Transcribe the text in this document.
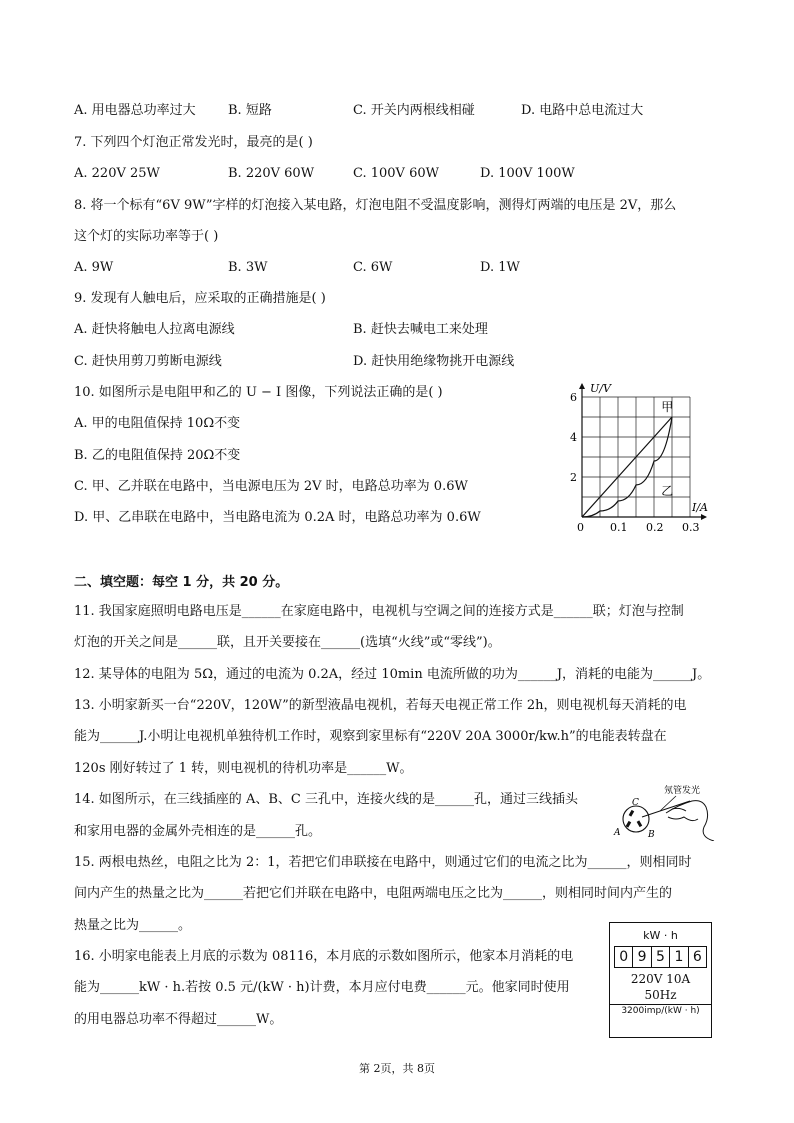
A. 用电器总功率过大 B. 短路	C. 开关内两根线相碰	D. 电路中总电流过大
7. 下列四个灯泡正常发光时，最亮的是( )
A. 220V 25W	B. 220V 60W	C. 100V 60W	D. 100V 100W
8. 将一个标有“6V 9W”字样的灯泡接入某电路，灯泡电阻不受温度影响，测得灯两端的电压是 2V，那么
这个灯的实际功率等于( )
A. 9W	B. 3W	C. 6W	D. 1W
9. 发现有人触电后，应采取的正确措施是( )
A. 赶快将触电人拉离电源线	B. 赶快去喊电工来处理
C. 赶快用剪刀剪断电源线	D. 赶快用绝缘物挑开电源线
10. 如图所示是电阻甲和乙的 U − I 图像，下列说法正确的是( )
A. 甲的电阻值保持 10Ω不变
B. 乙的电阻值保持 20Ω不变
C. 甲、乙并联在电路中，当电源电压为 2V 时，电路总功率为 0.6W
D. 甲、乙串联在电路中，当电路电流为 0.2A 时，电路总功率为 0.6W
甲
乙
0 0.1 0.2 0.3
2
4
6
U/V
I/A
二、填空题：每空 1 分，共 20 分。
11. 我国家庭照明电路电压是______在家庭电路中，电视机与空调之间的连接方式是______联；灯泡与控制
灯泡的开关之间是______联，且开关要接在______(选填“火线”或“零线”)。
12. 某导体的电阻为 5Ω，通过的电流为 0.2A，经过 10min 电流所做的功为______J，消耗的电能为______J。
13. 小明家新买一台“220V，120W”的新型液晶电视机，若每天电视正常工作 2h，则电视机每天消耗的电
能为______J.小明让电视机单独待机工作时，观察到家里标有“220V 20A 3000r/kw.h”的电能表转盘在
120s 刚好转过了 1 转，则电视机的待机功率是______W。
14. 如图所示，在三线插座的 A、B、C 三孔中，连接火线的是______孔，通过三线插头
和家用电器的金属外壳相连的是______孔。
氖管发光
C
A	B
15. 两根电热丝，电阻之比为 2：1，若把它们串联接在电路中，则通过它们的电流之比为______，则相同时
间内产生的热量之比为______若把它们并联在电路中，电阻两端电压之比为______，则相同时间内产生的
热量之比为______。
16. 小明家电能表上月底的示数为 08116，本月底的示数如图所示，他家本月消耗的电
能为______kW · h.若按 0.5 元/(kW · h)计费，本月应付电费______元。他家同时使用
的用电器总功率不得超过______W。
kW · h
0 9 5 1 6
220V 10A
50Hz
3200imp/(kW · h)
第 2页，共 8页
